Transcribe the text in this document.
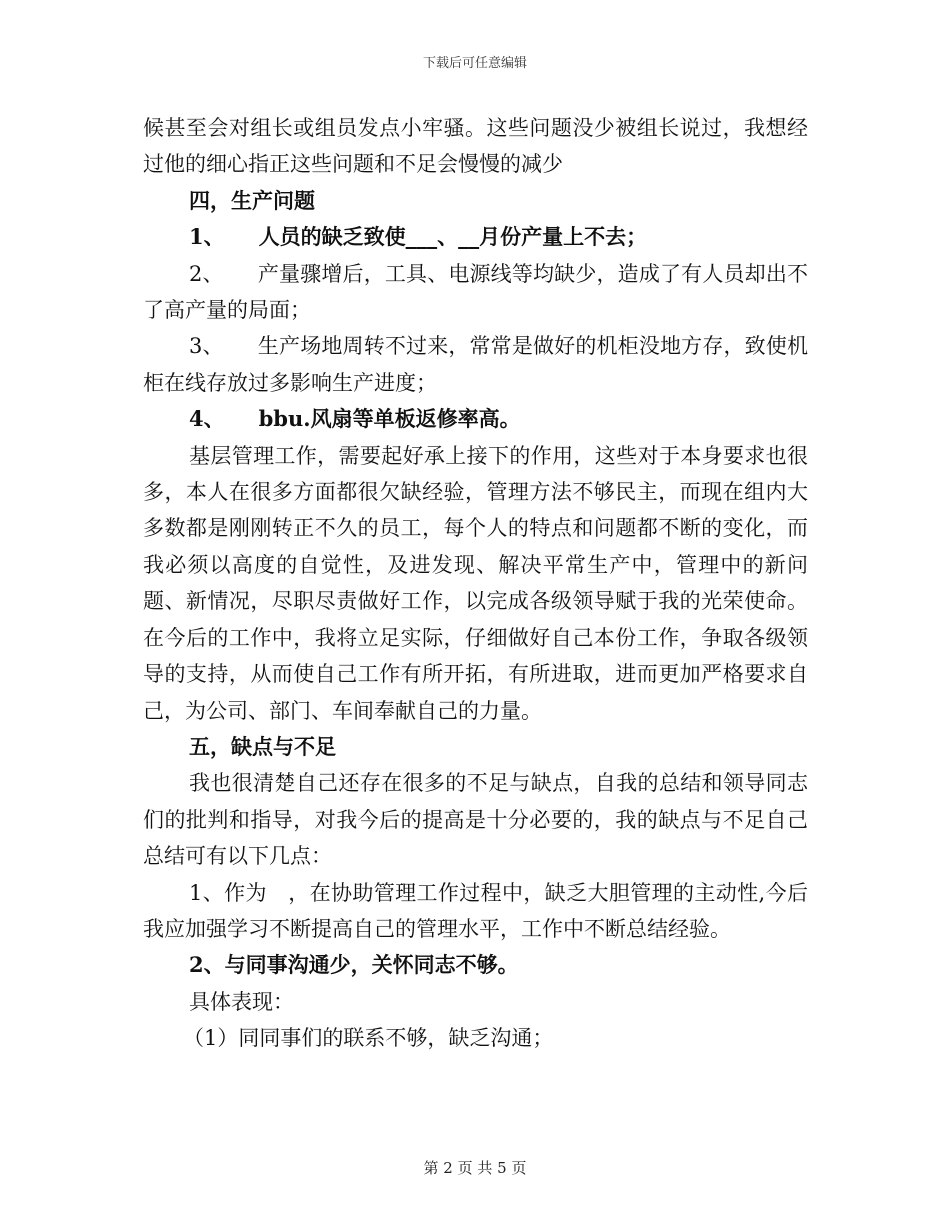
下载后可任意编辑

候甚至会对组长或组员发点小牢骚。这些问题没少被组长说过，我想经过他的细心指正这些问题和不足会慢慢的减少

四，生产问题

1、 人员的缺乏致使___、__月份产量上不去；
2、 产量骤增后，工具、电源线等均缺少，造成了有人员却出不了高产量的局面；
3、 生产场地周转不过来，常常是做好的机柜没地方存，致使机柜在线存放过多影响生产进度；
4、 bbu.风扇等单板返修率高。

基层管理工作，需要起好承上接下的作用，这些对于本身要求也很多，本人在很多方面都很欠缺经验，管理方法不够民主，而现在组内大多数都是刚刚转正不久的员工，每个人的特点和问题都不断的变化，而我必须以高度的自觉性，及进发现、解决平常生产中，管理中的新问题、新情况，尽职尽责做好工作，以完成各级领导赋于我的光荣使命。在今后的工作中，我将立足实际，仔细做好自己本份工作，争取各级领导的支持，从而使自己工作有所开拓，有所进取，进而更加严格要求自己，为公司、部门、车间奉献自己的力量。

五，缺点与不足

我也很清楚自己还存在很多的不足与缺点，自我的总结和领导同志们的批判和指导，对我今后的提高是十分必要的，我的缺点与不足自己总结可有以下几点：

1、作为　，在协助管理工作过程中，缺乏大胆管理的主动性,今后我应加强学习不断提高自己的管理水平，工作中不断总结经验。

2、与同事沟通少，关怀同志不够。

具体表现：

（1）同同事们的联系不够，缺乏沟通；

第 2 页 共 5 页
